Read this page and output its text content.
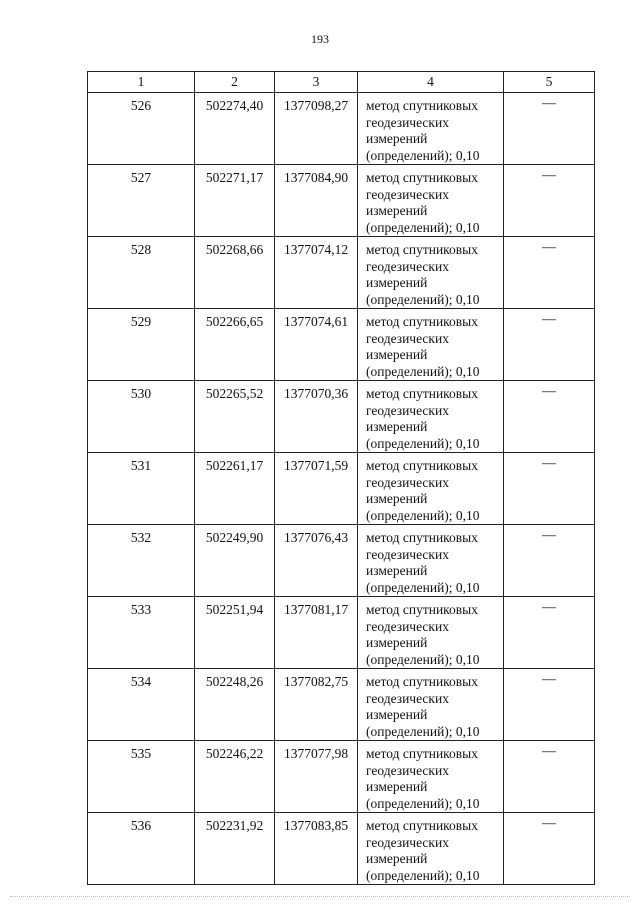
193
1	2	3	4	5
526	502274,40	1377098,27	метод спутниковых
геодезических
измерений
(определений); 0,10	—
527	502271,17	1377084,90	метод спутниковых
геодезических
измерений
(определений); 0,10	—
528	502268,66	1377074,12	метод спутниковых
геодезических
измерений
(определений); 0,10	—
529	502266,65	1377074,61	метод спутниковых
геодезических
измерений
(определений); 0,10	—
530	502265,52	1377070,36	метод спутниковых
геодезических
измерений
(определений); 0,10	—
531	502261,17	1377071,59	метод спутниковых
геодезических
измерений
(определений); 0,10	—
532	502249,90	1377076,43	метод спутниковых
геодезических
измерений
(определений); 0,10	—
533	502251,94	1377081,17	метод спутниковых
геодезических
измерений
(определений); 0,10	—
534	502248,26	1377082,75	метод спутниковых
геодезических
измерений
(определений); 0,10	—
535	502246,22	1377077,98	метод спутниковых
геодезических
измерений
(определений); 0,10	—
536	502231,92	1377083,85	метод спутниковых
геодезических
измерений
(определений); 0,10	—
